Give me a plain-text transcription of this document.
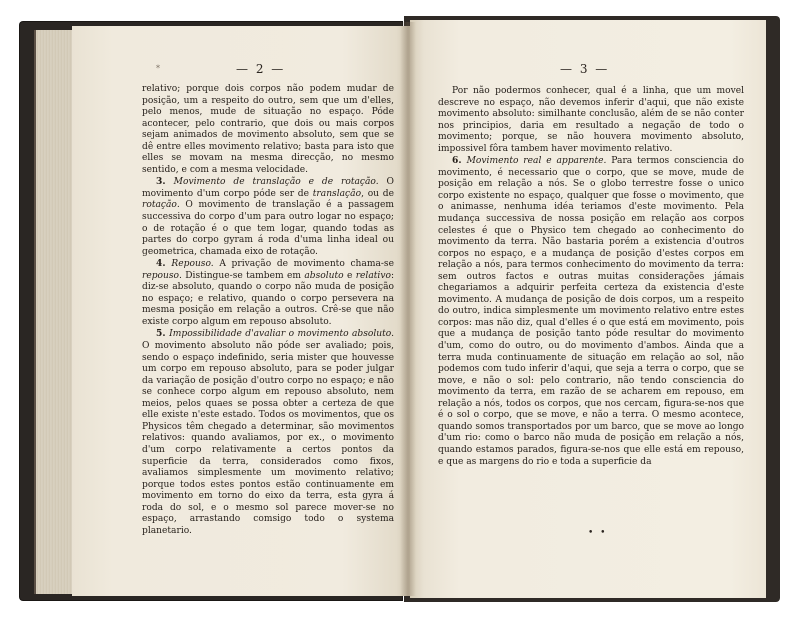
*	— 2 —

relativo; porque dois corpos não podem mudar de posição, um a respeito do outro, sem que um d'elles, pelo menos, mude de situação no espaço. Póde acontecer, pelo contrario, que dois ou mais corpos sejam animados de movimento absoluto, sem que se dê entre elles movimento relativo; basta para isto que elles se movam na mesma direcção, no mesmo sentido, e com a mesma velocidade.

3. Movimento de translação e de rotação. O movimento d'um corpo póde ser de translação, ou de rotação. O movimento de translação é a passagem successiva do corpo d'um para outro logar no espaço; o de rotação é o que tem logar, quando todas as partes do corpo gyram á roda d'uma linha ideal ou geometrica, chamada eixo de rotação.

4. Repouso. A privação de movimento chama-se repouso. Distingue-se tambem em absoluto e relativo: diz-se absoluto, quando o corpo não muda de posição no espaço; e relativo, quando o corpo persevera na mesma posição em relação a outros. Crê-se que não existe corpo algum em repouso absoluto.

5. Impossibilidade d'avaliar o movimento absoluto. O movimento absoluto não póde ser avaliado; pois, sendo o espaço indefinido, seria mister que houvesse um corpo em repouso absoluto, para se poder julgar da variação de posição d'outro corpo no espaço; e não se conhece corpo algum em repouso absoluto, nem meios, pelos quaes se possa obter a certeza de que elle existe n'este estado. Todos os movimentos, que os Physicos têm chegado a determinar, são movimentos relativos: quando avaliamos, por ex., o movimento d'um corpo relativamente a certos pontos da superficie da terra, considerados como fixos, avaliamos simplesmente um movimento relativo; porque todos estes pontos estão continuamente em movimento em torno do eixo da terra, esta gyra á roda do sol, e o mesmo sol parece mover-se no espaço, arrastando comsigo todo o systema planetario.

— 3 —

Por não podermos conhecer, qual é a linha, que um movel descreve no espaço, não devemos inferir d'aqui, que não existe movimento absoluto: similhante conclusão, além de se não conter nos principios, daria em resultado a negação de todo o movimento; porque, se não houvera movimento absoluto, impossivel fôra tambem haver movimento relativo.

6. Movimento real e apparente. Para termos consciencia do movimento, é necessario que o corpo, que se move, mude de posição em relação a nós. Se o globo terrestre fosse o unico corpo existente no espaço, qualquer que fosse o movimento, que o animasse, nenhuma idéa teriamos d'este movimento. Pela mudança successiva de nossa posição em relação aos corpos celestes é que o Physico tem chegado ao conhecimento do movimento da terra. Não bastaria porém a existencia d'outros corpos no espaço, e a mudança de posição d'estes corpos em relação a nós, para termos conhecimento do movimento da terra: sem outros factos e outras muitas considerações jámais chegariamos a adquirir perfeita certeza da existencia d'este movimento. A mudança de posição de dois corpos, um a respeito do outro, indica simplesmente um movimento relativo entre estes corpos: mas não diz, qual d'elles é o que está em movimento, pois que a mudança de posição tanto póde resultar do movimento d'um, como do outro, ou do movimento d'ambos. Ainda que a terra muda continuamente de situação em relação ao sol, não podemos com tudo inferir d'aqui, que seja a terra o corpo, que se move, e não o sol: pelo contrario, não tendo consciencia do movimento da terra, em razão de se acharem em repouso, em relação a nós, todos os corpos, que nos cercam, figura-se-nos que é o sol o corpo, que se move, e não a terra. O mesmo acontece, quando somos transportados por um barco, que se move ao longo d'um rio: como o barco não muda de posição em relação a nós, quando estamos parados, figura-se-nos que elle está em repouso, e que as margens do rio e toda a superficie da

• •
